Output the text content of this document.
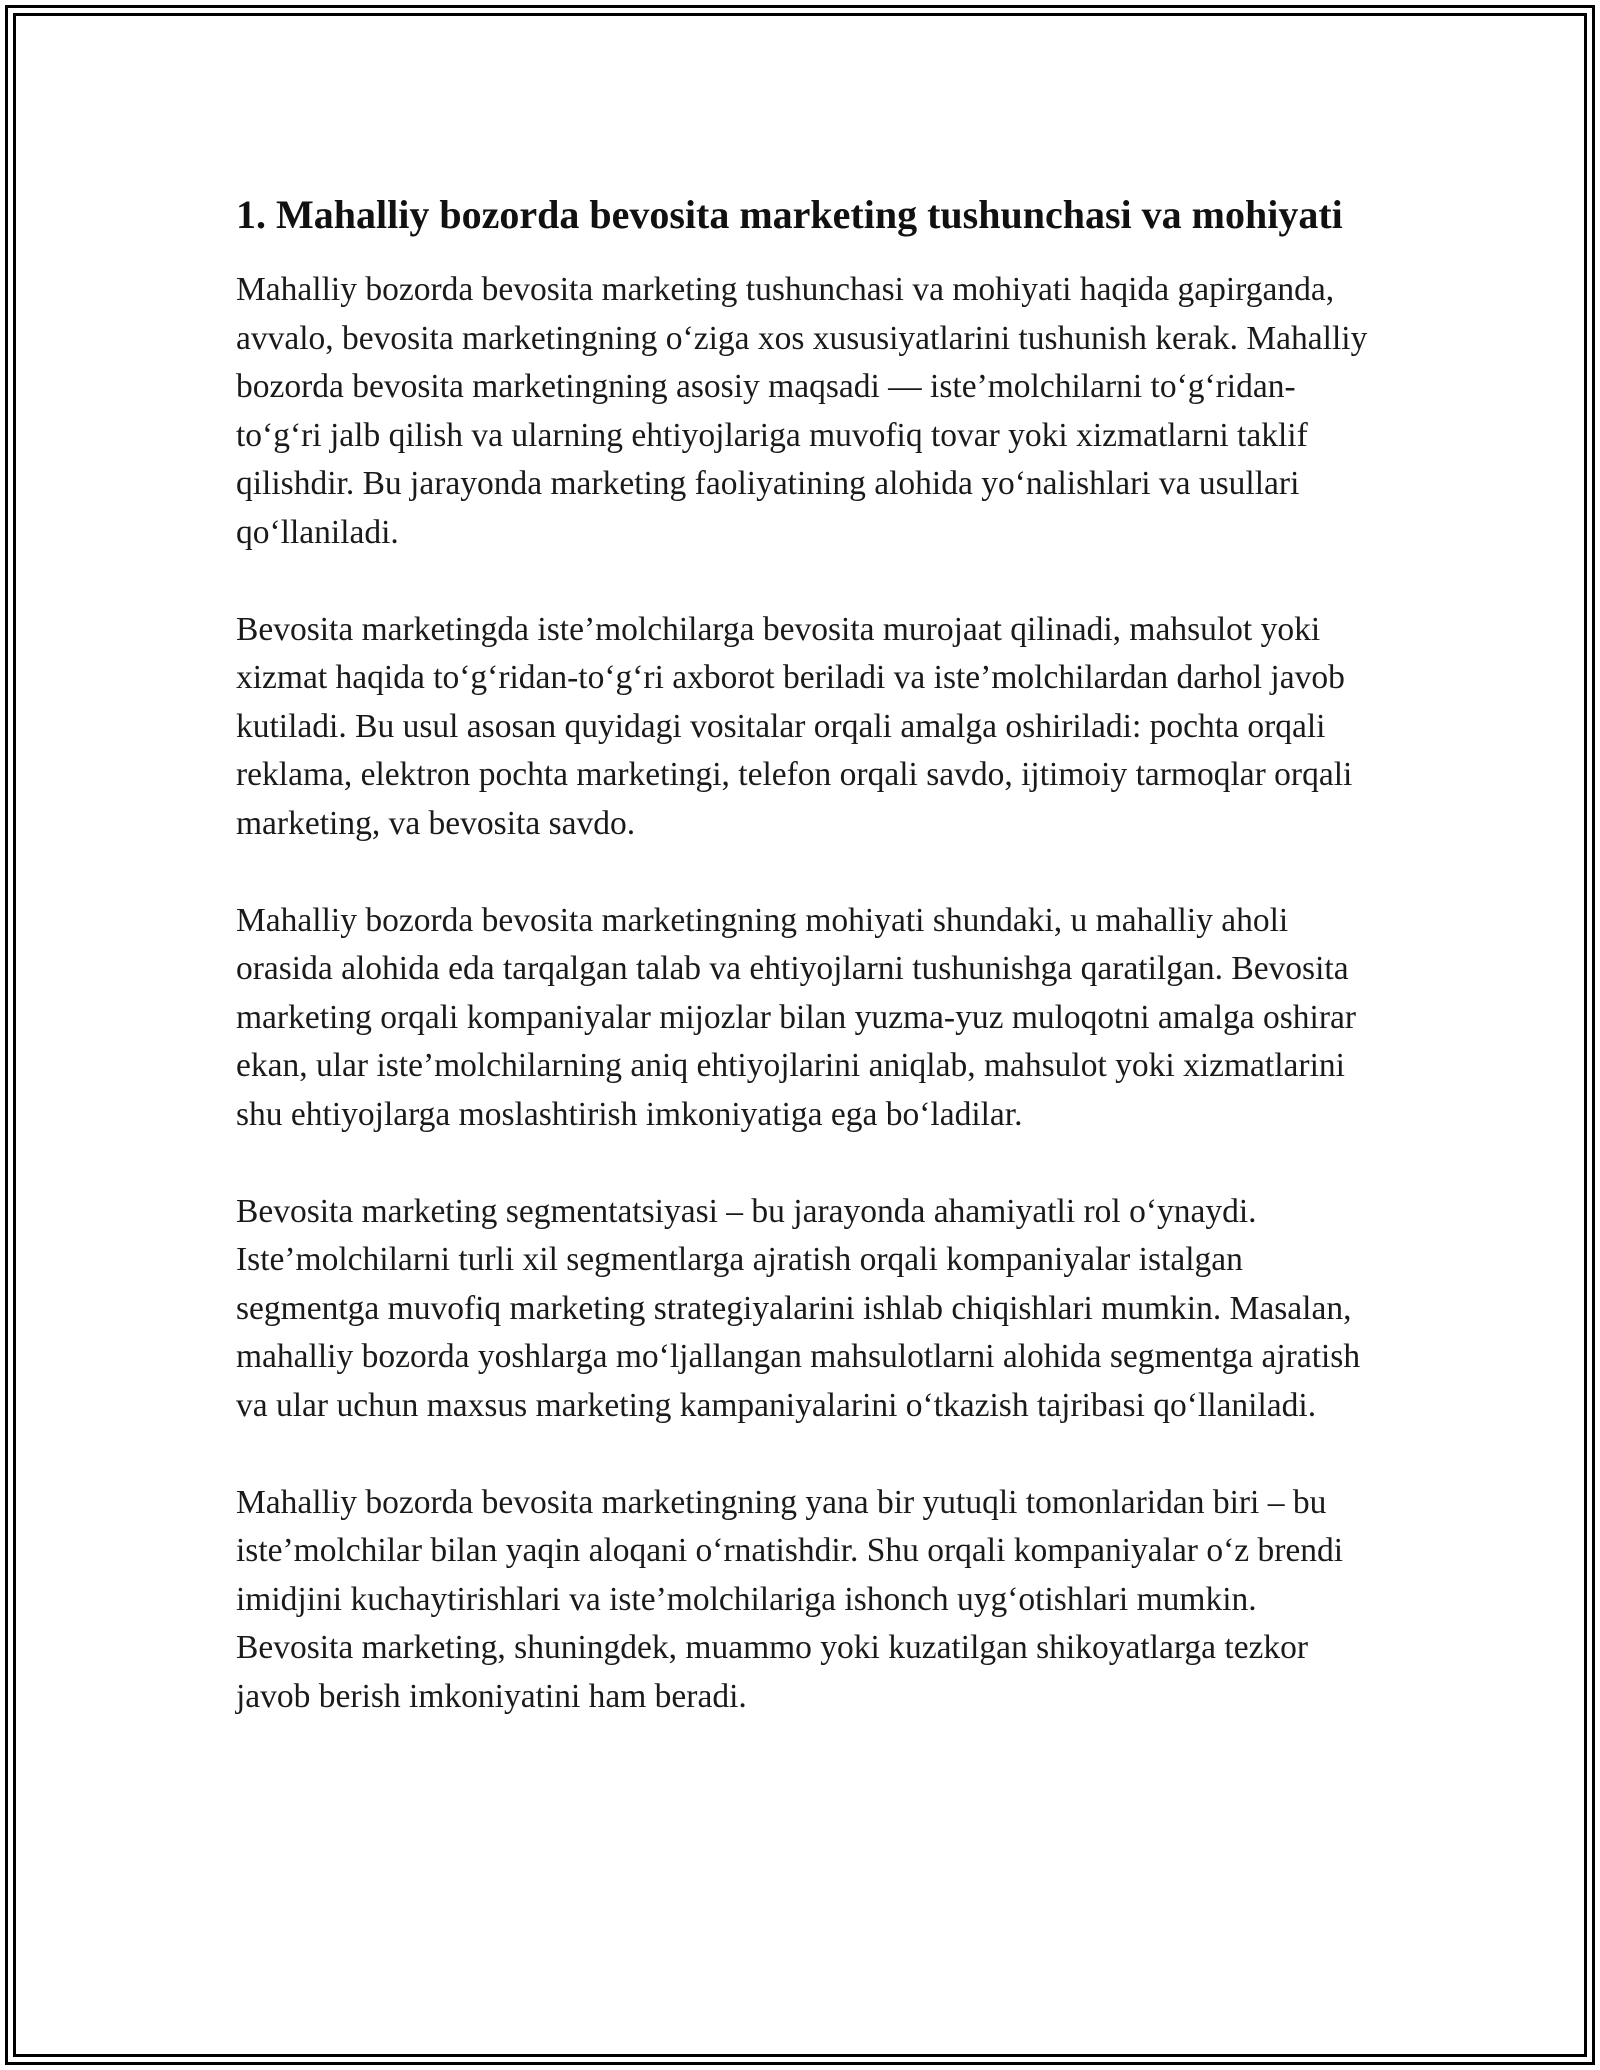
1. Mahalliy bozorda bevosita marketing tushunchasi va mohiyati

Mahalliy bozorda bevosita marketing tushunchasi va mohiyati haqida gapirganda, avvalo, bevosita marketingning o‘ziga xos xususiyatlarini tushunish kerak. Mahalliy bozorda bevosita marketingning asosiy maqsadi — iste’molchilarni to‘g‘ridan-to‘g‘ri jalb qilish va ularning ehtiyojlariga muvofiq tovar yoki xizmatlarni taklif qilishdir. Bu jarayonda marketing faoliyatining alohida yo‘nalishlari va usullari qo‘llaniladi.

Bevosita marketingda iste’molchilarga bevosita murojaat qilinadi, mahsulot yoki xizmat haqida to‘g‘ridan-to‘g‘ri axborot beriladi va iste’molchilardan darhol javob kutiladi. Bu usul asosan quyidagi vositalar orqali amalga oshiriladi: pochta orqali reklama, elektron pochta marketingi, telefon orqali savdo, ijtimoiy tarmoqlar orqali marketing, va bevosita savdo.

Mahalliy bozorda bevosita marketingning mohiyati shundaki, u mahalliy aholi orasida alohida eda tarqalgan talab va ehtiyojlarni tushunishga qaratilgan. Bevosita marketing orqali kompaniyalar mijozlar bilan yuzma-yuz muloqotni amalga oshirar ekan, ular iste’molchilarning aniq ehtiyojlarini aniqlab, mahsulot yoki xizmatlarini shu ehtiyojlarga moslashtirish imkoniyatiga ega bo‘ladilar.

Bevosita marketing segmentatsiyasi – bu jarayonda ahamiyatli rol o‘ynaydi. Iste’molchilarni turli xil segmentlarga ajratish orqali kompaniyalar istalgan segmentga muvofiq marketing strategiyalarini ishlab chiqishlari mumkin. Masalan, mahalliy bozorda yoshlarga mo‘ljallangan mahsulotlarni alohida segmentga ajratish va ular uchun maxsus marketing kampaniyalarini o‘tkazish tajribasi qo‘llaniladi.

Mahalliy bozorda bevosita marketingning yana bir yutuqli tomonlaridan biri – bu iste’molchilar bilan yaqin aloqani o‘rnatishdir. Shu orqali kompaniyalar o‘z brendi imidjini kuchaytirishlari va iste’molchilariga ishonch uyg‘otishlari mumkin. Bevosita marketing, shuningdek, muammo yoki kuzatilgan shikoyatlarga tezkor javob berish imkoniyatini ham beradi.
